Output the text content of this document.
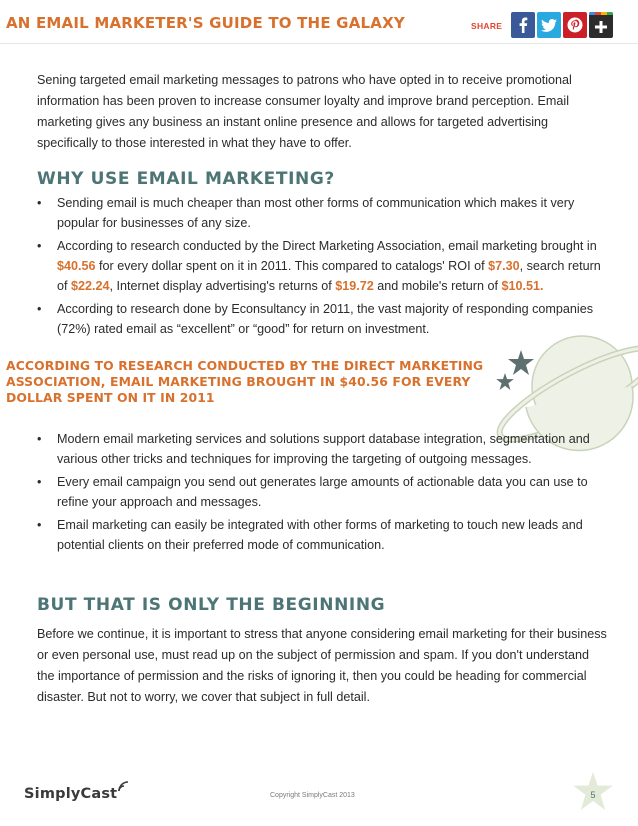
AN EMAIL MARKETER'S GUIDE TO THE GALAXY	SHARE

Sening targeted email marketing messages to patrons who have opted in to receive promotional information has been proven to increase consumer loyalty and improve brand perception. Email marketing gives any business an instant online presence and allows for targeted advertising specifically to those interested in what they have to offer.

WHY USE EMAIL MARKETING?
• Sending email is much cheaper than most other forms of communication which makes it very popular for businesses of any size.
• According to research conducted by the Direct Marketing Association, email marketing brought in $40.56 for every dollar spent on it in 2011. This compared to catalogs' ROI of $7.30, search return of $22.24, Internet display advertising's returns of $19.72 and mobile's return of $10.51.
• According to research done by Econsultancy in 2011, the vast majority of responding companies (72%) rated email as “excellent” or “good” for return on investment.
ACCORDING TO RESEARCH CONDUCTED BY THE DIRECT MARKETING
ASSOCIATION, EMAIL MARKETING BROUGHT IN $40.56 FOR EVERY
DOLLAR SPENT ON IT IN 2011
• Modern email marketing services and solutions support database integration, segmentation and various other tricks and techniques for improving the targeting of outgoing messages.
• Every email campaign you send out generates large amounts of actionable data you can use to refine your approach and messages.
• Email marketing can easily be integrated with other forms of marketing to touch new leads and potential clients on their preferred mode of communication.
BUT THAT IS ONLY THE BEGINNING

Before we continue, it is important to stress that anyone considering email marketing for their business or even personal use, must read up on the subject of permission and spam. If you don't understand the importance of permission and the risks of ignoring it, then you could be heading for commercial disaster. But not to worry, we cover that subject in full detail.

SimplyCast	Copyright SimplyCast 2013	5
